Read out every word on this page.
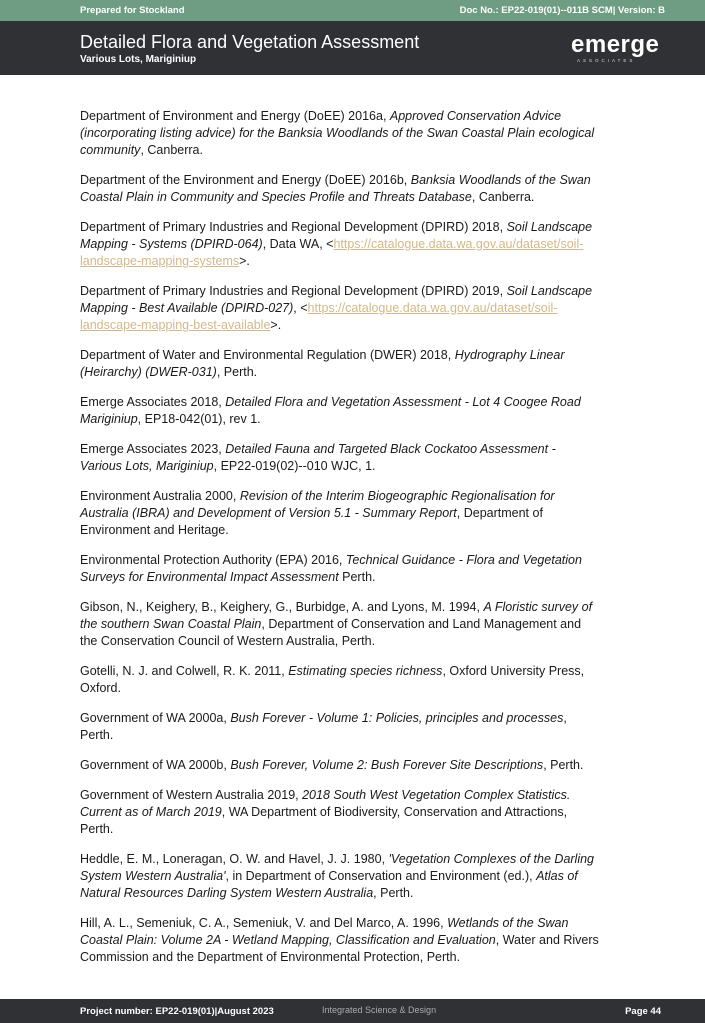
Prepared for Stockland	Doc No.: EP22-019(01)--011B SCM| Version: B
Detailed Flora and Vegetation Assessment
Various Lots, Mariginiup
emerge
ASSOCIATES

Department of Environment and Energy (DoEE) 2016a, Approved Conservation Advice (incorporating listing advice) for the Banksia Woodlands of the Swan Coastal Plain ecological community, Canberra.

Department of the Environment and Energy (DoEE) 2016b, Banksia Woodlands of the Swan Coastal Plain in Community and Species Profile and Threats Database, Canberra.

Department of Primary Industries and Regional Development (DPIRD) 2018, Soil Landscape Mapping - Systems (DPIRD-064), Data WA, <https://catalogue.data.wa.gov.au/dataset/soil-landscape-mapping-systems>.

Department of Primary Industries and Regional Development (DPIRD) 2019, Soil Landscape Mapping - Best Available (DPIRD-027), <https://catalogue.data.wa.gov.au/dataset/soil-landscape-mapping-best-available>.

Department of Water and Environmental Regulation (DWER) 2018, Hydrography Linear (Heirarchy) (DWER-031), Perth.

Emerge Associates 2018, Detailed Flora and Vegetation Assessment - Lot 4 Coogee Road Mariginiup, EP18-042(01), rev 1.

Emerge Associates 2023, Detailed Fauna and Targeted Black Cockatoo Assessment - Various Lots, Mariginiup, EP22-019(02)--010 WJC, 1.

Environment Australia 2000, Revision of the Interim Biogeographic Regionalisation for Australia (IBRA) and Development of Version 5.1 - Summary Report, Department of Environment and Heritage.

Environmental Protection Authority (EPA) 2016, Technical Guidance - Flora and Vegetation Surveys for Environmental Impact Assessment Perth.

Gibson, N., Keighery, B., Keighery, G., Burbidge, A. and Lyons, M. 1994, A Floristic survey of the southern Swan Coastal Plain, Department of Conservation and Land Management and the Conservation Council of Western Australia, Perth.

Gotelli, N. J. and Colwell, R. K. 2011, Estimating species richness, Oxford University Press, Oxford.

Government of WA 2000a, Bush Forever - Volume 1: Policies, principles and processes, Perth.

Government of WA 2000b, Bush Forever, Volume 2: Bush Forever Site Descriptions, Perth.

Government of Western Australia 2019, 2018 South West Vegetation Complex Statistics. Current as of March 2019, WA Department of Biodiversity, Conservation and Attractions, Perth.

Heddle, E. M., Loneragan, O. W. and Havel, J. J. 1980, 'Vegetation Complexes of the Darling System Western Australia', in Department of Conservation and Environment (ed.), Atlas of Natural Resources Darling System Western Australia, Perth.

Hill, A. L., Semeniuk, C. A., Semeniuk, V. and Del Marco, A. 1996, Wetlands of the Swan Coastal Plain: Volume 2A - Wetland Mapping, Classification and Evaluation, Water and Rivers Commission and the Department of Environmental Protection, Perth.

Project number: EP22-019(01)|August 2023	Integrated Science & Design	Page 44
